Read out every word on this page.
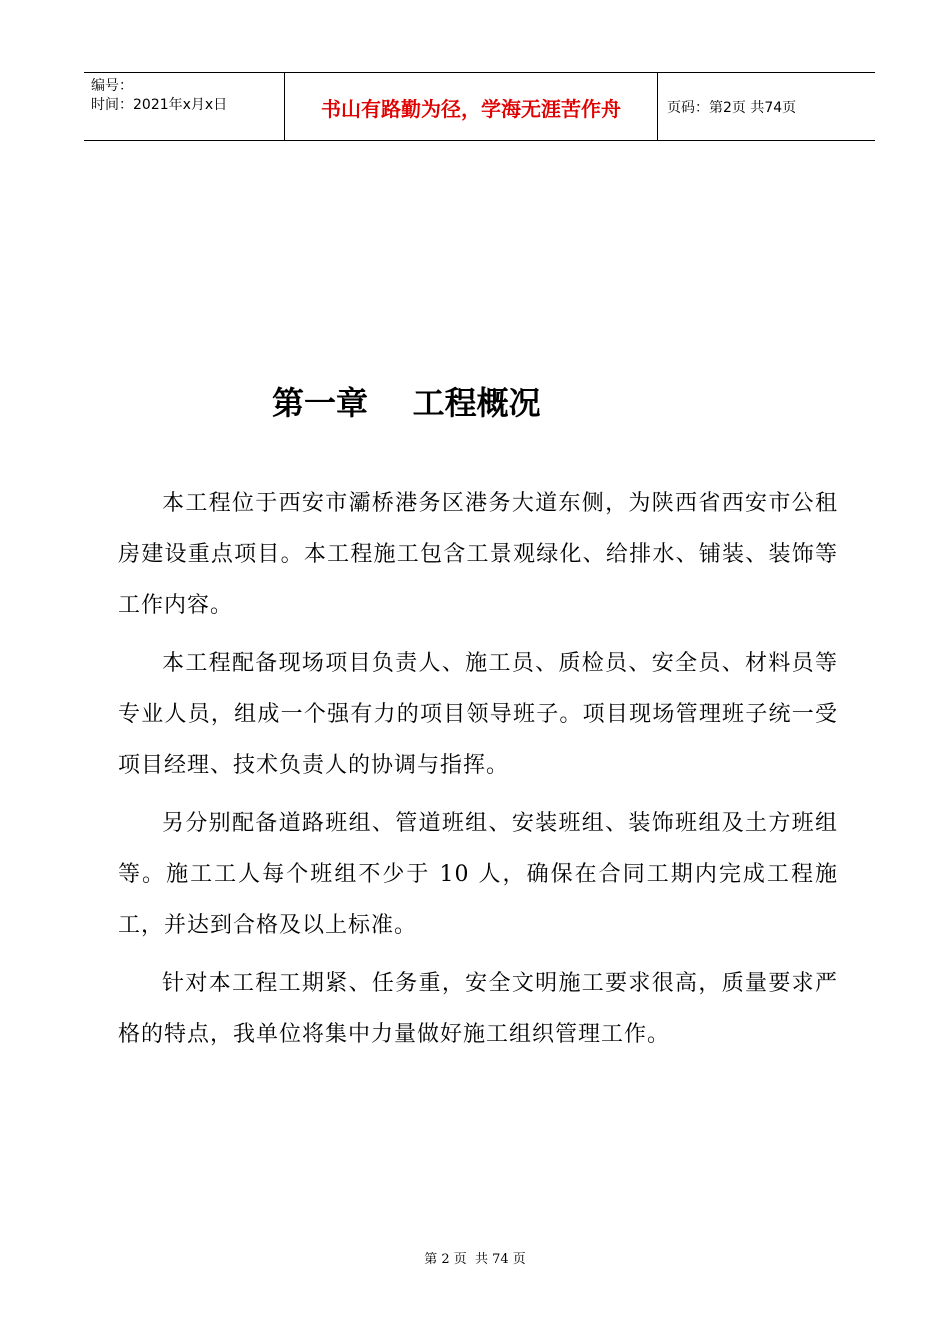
编号：
时间：2021年x月x日	书山有路勤为径，学海无涯苦作舟	页码：第2页 共74页
第一章    工程概况

本工程位于西安市灞桥港务区港务大道东侧，为陕西省西安市公租房建设重点项目。本工程施工包含工景观绿化、给排水、铺装、装饰等工作内容。

本工程配备现场项目负责人、施工员、质检员、安全员、材料员等专业人员，组成一个强有力的项目领导班子。项目现场管理班子统一受项目经理、技术负责人的协调与指挥。

另分别配备道路班组、管道班组、安装班组、装饰班组及土方班组等。施工工人每个班组不少于 10 人，确保在合同工期内完成工程施工，并达到合格及以上标准。

针对本工程工期紧、任务重，安全文明施工要求很高，质量要求严格的特点，我单位将集中力量做好施工组织管理工作。

第 2 页  共 74 页
